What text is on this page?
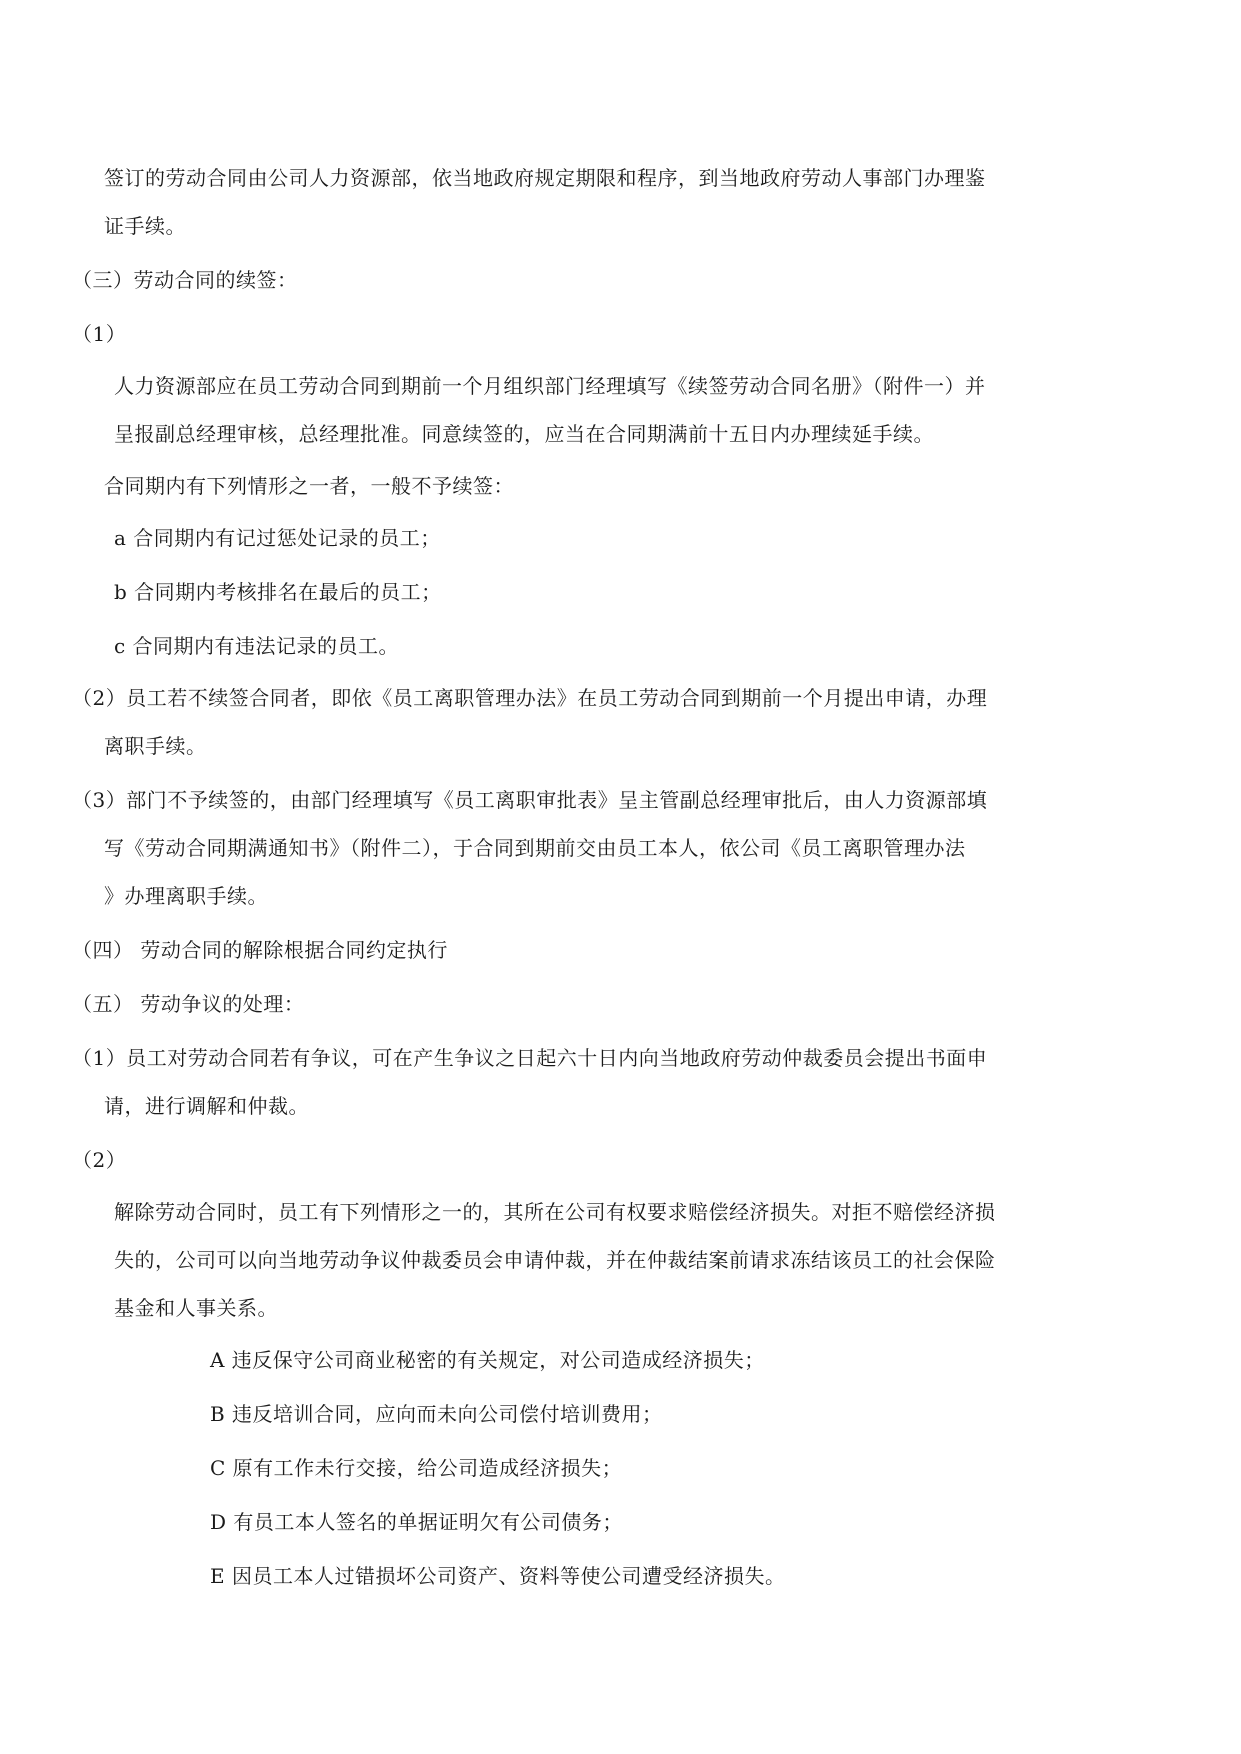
签订的劳动合同由公司人力资源部，依当地政府规定期限和程序，到当地政府劳动人事部门办理鉴
证手续。
（三）劳动合同的续签：
（1）
人力资源部应在员工劳动合同到期前一个月组织部门经理填写《续签劳动合同名册》（附件一）并
呈报副总经理审核，总经理批准。同意续签的，应当在合同期满前十五日内办理续延手续。
合同期内有下列情形之一者，一般不予续签：
a 合同期内有记过惩处记录的员工；
b 合同期内考核排名在最后的员工；
c 合同期内有违法记录的员工。
（2）员工若不续签合同者，即依《员工离职管理办法》在员工劳动合同到期前一个月提出申请，办理
离职手续。
（3）部门不予续签的，由部门经理填写《员工离职审批表》呈主管副总经理审批后，由人力资源部填
写《劳动合同期满通知书》（附件二），于合同到期前交由员工本人，依公司《员工离职管理办法
》办理离职手续。
（四） 劳动合同的解除根据合同约定执行
（五） 劳动争议的处理：
（1）员工对劳动合同若有争议，可在产生争议之日起六十日内向当地政府劳动仲裁委员会提出书面申
请，进行调解和仲裁。
（2）
解除劳动合同时，员工有下列情形之一的，其所在公司有权要求赔偿经济损失。对拒不赔偿经济损
失的，公司可以向当地劳动争议仲裁委员会申请仲裁，并在仲裁结案前请求冻结该员工的社会保险
基金和人事关系。
A 违反保守公司商业秘密的有关规定，对公司造成经济损失；
B 违反培训合同，应向而未向公司偿付培训费用；
C 原有工作未行交接，给公司造成经济损失；
D 有员工本人签名的单据证明欠有公司债务；
E 因员工本人过错损坏公司资产、资料等使公司遭受经济损失。
